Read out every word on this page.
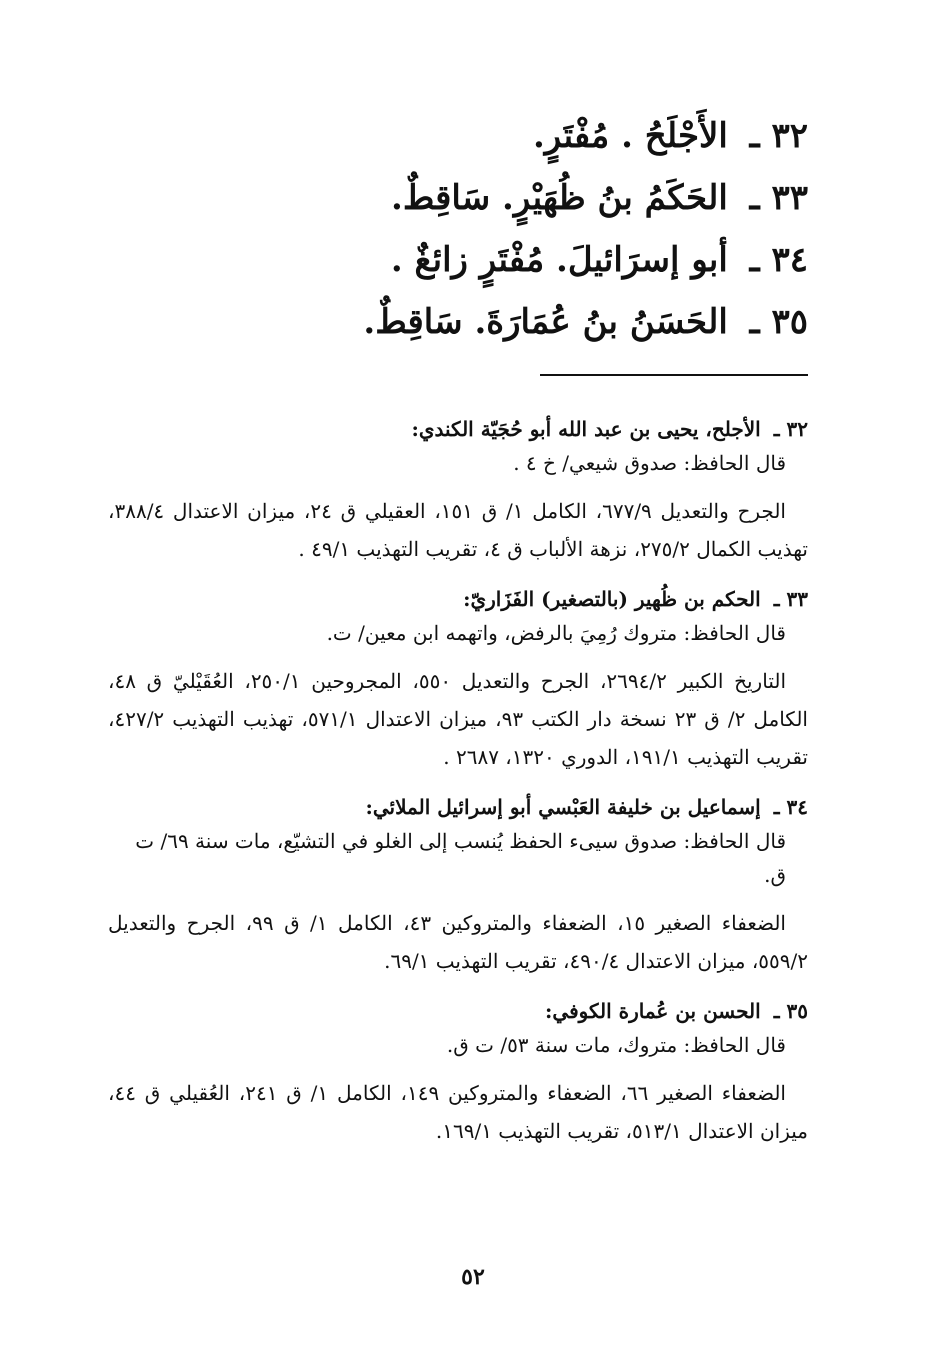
٣٢ ـ الأَجْلَحُ . مُفْتَرٍ.
٣٣ ـ الحَكَمُ بنُ ظُهَيْرٍ. سَاقِطٌ.
٣٤ ـ أبو إسرَائيلَ. مُفْتَرٍ زائغٌ .
٣٥ ـ الحَسَنُ بنُ عُمَارَةَ. سَاقِطٌ.
٣٢ ـ الأجلح، يحيى بن عبد الله أبو حُجَيّة الكندي:
قال الحافظ: صدوق شيعي/ خ ٤ .
الجرح والتعديل ٦٧٧/٩، الكامل ١/ ق ١٥١، العقيلي ق ٢٤، ميزان الاعتدال ٣٨٨/٤، تهذيب الكمال ٢٧٥/٢، نزهة الألباب ق ٤، تقريب التهذيب ٤٩/١ .
٣٣ ـ الحكم بن ظُهير (بالتصغير) الفَزَاريّ:
قال الحافظ: متروك رُمِيَ بالرفض، واتهمه ابن معين/ ت.
التاريخ الكبير ٢٦٩٤/٢، الجرح والتعديل ٥٥٠، المجروحين ٢٥٠/١، العُقَيْليّ ق ٤٨، الكامل ٢/ ق ٢٣ نسخة دار الكتب ٩٣، ميزان الاعتدال ٥٧١/١، تهذيب التهذيب ٤٢٧/٢، تقريب التهذيب ١٩١/١، الدوري ١٣٢٠، ٢٦٨٧ .
٣٤ ـ إسماعيل بن خليفة العَبْسي أبو إسرائيل الملائي:
قال الحافظ: صدوق سيىء الحفظ يُنسب إلى الغلو في التشيّع، مات سنة ٦٩/ ت ق.
الضعفاء الصغير ١٥، الضعفاء والمتروكين ٤٣، الكامل ١/ ق ٩٩، الجرح والتعديل ٥٥٩/٢، ميزان الاعتدال ٤٩٠/٤، تقريب التهذيب ٦٩/١.
٣٥ ـ الحسن بن عُمارة الكوفي:
قال الحافظ: متروك، مات سنة ٥٣/ ت ق.
الضعفاء الصغير ٦٦، الضعفاء والمتروكين ١٤٩، الكامل ١/ ق ٢٤١، العُقيلي ق ٤٤، ميزان الاعتدال ٥١٣/١، تقريب التهذيب ١٦٩/١.
٥٢
